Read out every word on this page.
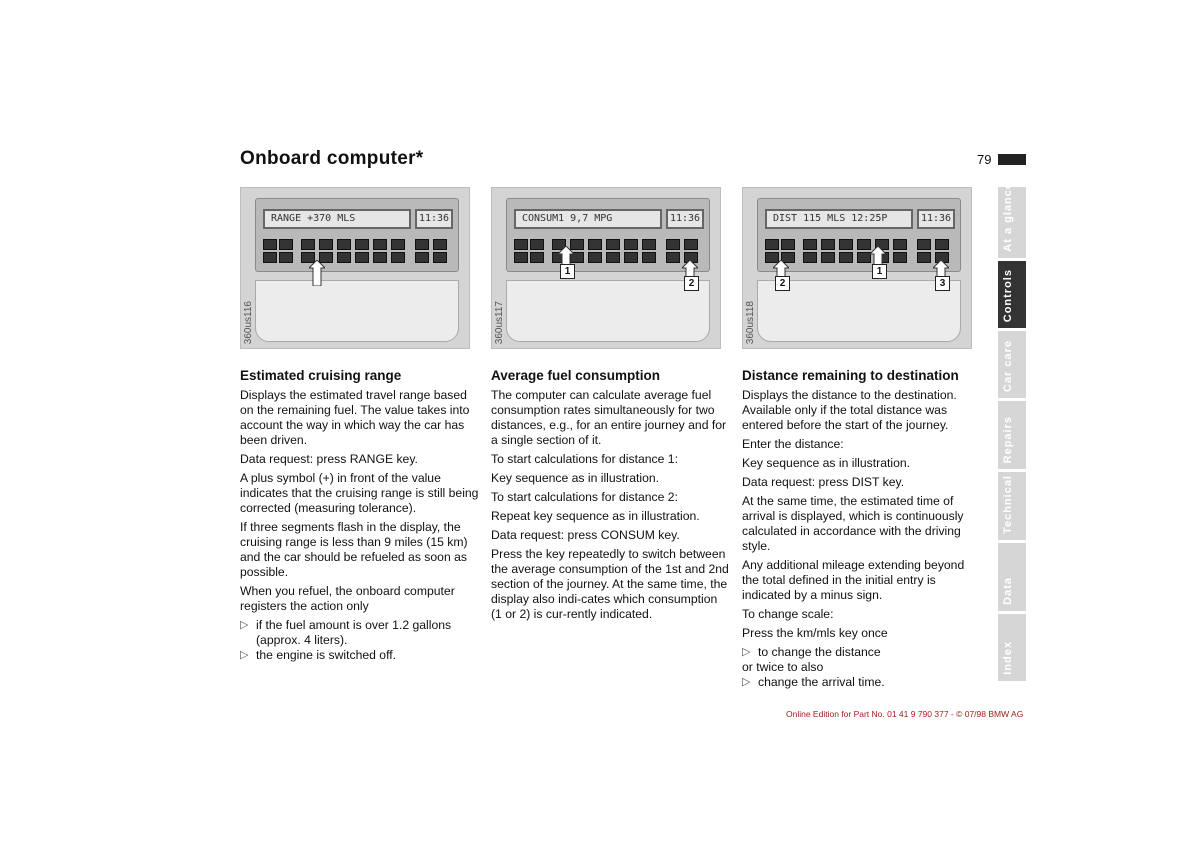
Onboard computer*	79
RANGE +370 MLS	11:36
360us116
CONSUM1 9,7 MPG	11:36
1
2
360us117
DIST 115 MLS 12:25P	11:36
2
1
3
360us118
Estimated cruising range

Displays the estimated travel range based on the remaining fuel. The value takes into account the way in which way the car has been driven.

Data request: press RANGE key.

A plus symbol (+) in front of the value indicates that the cruising range is still being corrected (measuring tolerance).

If three segments flash in the display, the cruising range is less than 9 miles (15 km) and the car should be refueled as soon as possible.

When you refuel, the onboard computer registers the action only

▷ if the fuel amount is over 1.2 gallons (approx. 4 liters).
▷ the engine is switched off.
Average fuel consumption

The computer can calculate average fuel consumption rates simultaneously for two distances, e.g., for an entire journey and for a single section of it.

To start calculations for distance 1:

Key sequence as in illustration.

To start calculations for distance 2:

Repeat key sequence as in illustration.

Data request: press CONSUM key.

Press the key repeatedly to switch between the average consumption of the 1st and 2nd section of the journey. At the same time, the display also indi-cates which consumption (1 or 2) is cur-rently indicated.

Distance remaining to destination

Displays the distance to the destination. Available only if the total distance was entered before the start of the journey.

Enter the distance:

Key sequence as in illustration.

Data request: press DIST key.

At the same time, the estimated time of arrival is displayed, which is continuously calculated in accordance with the driving style.

Any additional mileage extending beyond the total defined in the initial entry is indicated by a minus sign.

To change scale:

Press the km/mls key once

▷ to change the distance

or twice to also

▷ change the arrival time.
At a glance
Controls
Car care
Repairs
Technical
Data
Index
Online Edition for Part No. 01 41 9 790 377 - © 07/98 BMW AG
